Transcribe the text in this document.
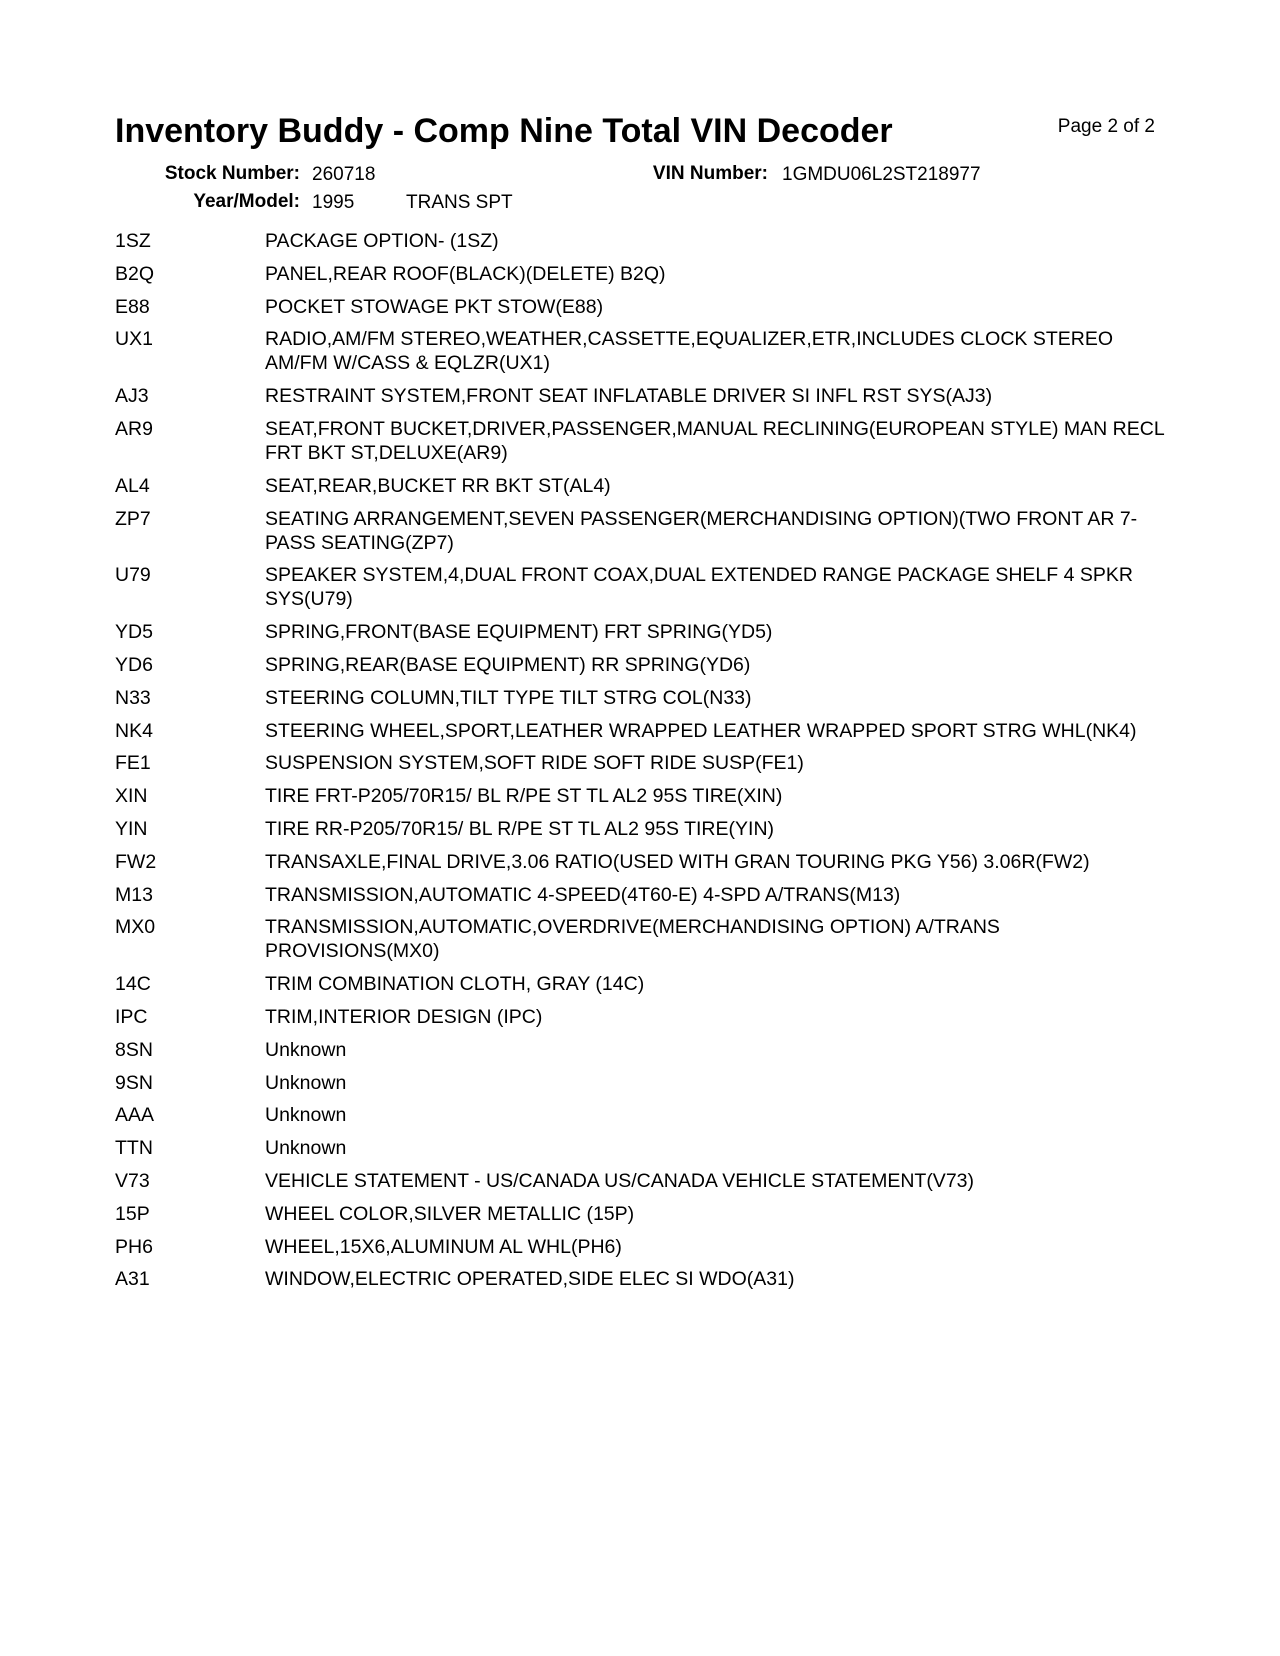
Inventory Buddy - Comp Nine Total VIN Decoder	Page 2 of 2
Stock Number: 260718	VIN Number: 1GMDU06L2ST218977
Year/Model: 1995	TRANS SPT
1SZ	PACKAGE OPTION- (1SZ)
B2Q	PANEL,REAR ROOF(BLACK)(DELETE) B2Q)
E88	POCKET STOWAGE PKT STOW(E88)
UX1	RADIO,AM/FM STEREO,WEATHER,CASSETTE,EQUALIZER,ETR,INCLUDES CLOCK STEREO AM/FM W/CASS & EQLZR(UX1)
AJ3	RESTRAINT SYSTEM,FRONT SEAT INFLATABLE DRIVER SI INFL RST SYS(AJ3)
AR9	SEAT,FRONT BUCKET,DRIVER,PASSENGER,MANUAL RECLINING(EUROPEAN STYLE) MAN RECL FRT BKT ST,DELUXE(AR9)
AL4	SEAT,REAR,BUCKET RR BKT ST(AL4)
ZP7	SEATING ARRANGEMENT,SEVEN PASSENGER(MERCHANDISING OPTION)(TWO FRONT AR 7-PASS SEATING(ZP7)
U79	SPEAKER SYSTEM,4,DUAL FRONT COAX,DUAL EXTENDED RANGE PACKAGE SHELF 4 SPKR SYS(U79)
YD5	SPRING,FRONT(BASE EQUIPMENT) FRT SPRING(YD5)
YD6	SPRING,REAR(BASE EQUIPMENT) RR SPRING(YD6)
N33	STEERING COLUMN,TILT TYPE TILT STRG COL(N33)
NK4	STEERING WHEEL,SPORT,LEATHER WRAPPED LEATHER WRAPPED SPORT STRG WHL(NK4)
FE1	SUSPENSION SYSTEM,SOFT RIDE SOFT RIDE SUSP(FE1)
XIN	TIRE FRT-P205/70R15/ BL R/PE ST TL AL2 95S TIRE(XIN)
YIN	TIRE RR-P205/70R15/ BL R/PE ST TL AL2 95S TIRE(YIN)
FW2	TRANSAXLE,FINAL DRIVE,3.06 RATIO(USED WITH GRAN TOURING PKG Y56) 3.06R(FW2)
M13	TRANSMISSION,AUTOMATIC 4-SPEED(4T60-E) 4-SPD A/TRANS(M13)
MX0	TRANSMISSION,AUTOMATIC,OVERDRIVE(MERCHANDISING OPTION) A/TRANS PROVISIONS(MX0)
14C	TRIM COMBINATION CLOTH, GRAY (14C)
IPC	TRIM,INTERIOR DESIGN (IPC)
8SN	Unknown
9SN	Unknown
AAA	Unknown
TTN	Unknown
V73	VEHICLE STATEMENT - US/CANADA US/CANADA VEHICLE STATEMENT(V73)
15P	WHEEL COLOR,SILVER METALLIC (15P)
PH6	WHEEL,15X6,ALUMINUM AL WHL(PH6)
A31	WINDOW,ELECTRIC OPERATED,SIDE ELEC SI WDO(A31)
